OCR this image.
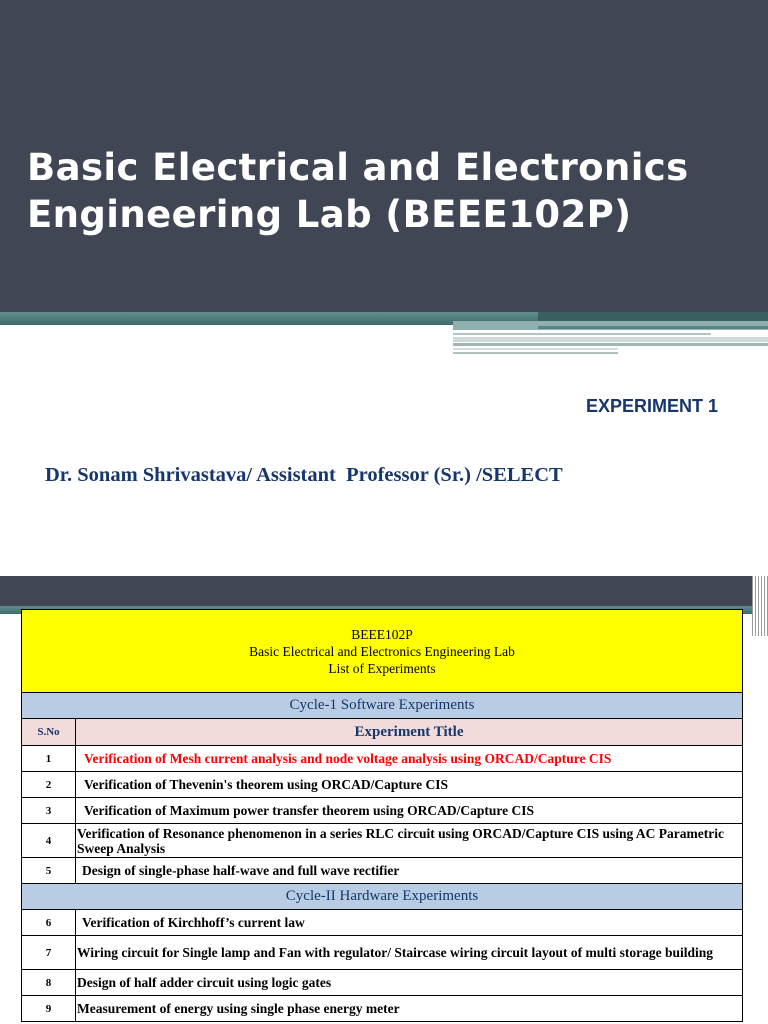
Basic Electrical and Electronics Engineering Lab (BEEE102P)
EXPERIMENT 1
Dr. Sonam Shrivastava/ Assistant  Professor (Sr.) /SELECT
BEEE102P
Basic Electrical and Electronics Engineering Lab
List of Experiments	

Cycle-1 Software Experiments	
S.No	Experiment Title
1	Verification of Mesh current analysis and node voltage analysis using ORCAD/Capture CIS
2	Verification of Thevenin's theorem using ORCAD/Capture CIS
3	Verification of Maximum power transfer theorem using ORCAD/Capture CIS
4	Verification of Resonance phenomenon in a series RLC circuit using ORCAD/Capture CIS using AC Parametric Sweep Analysis
5	Design of single-phase half-wave and full wave rectifier
Cycle-II Hardware Experiments	
6	Verification of Kirchhoff’s current law
7	Wiring circuit for Single lamp and Fan with regulator/ Staircase wiring circuit layout of multi storage building
8	Design of half adder circuit using logic gates
9	Measurement of energy using single phase energy meter
